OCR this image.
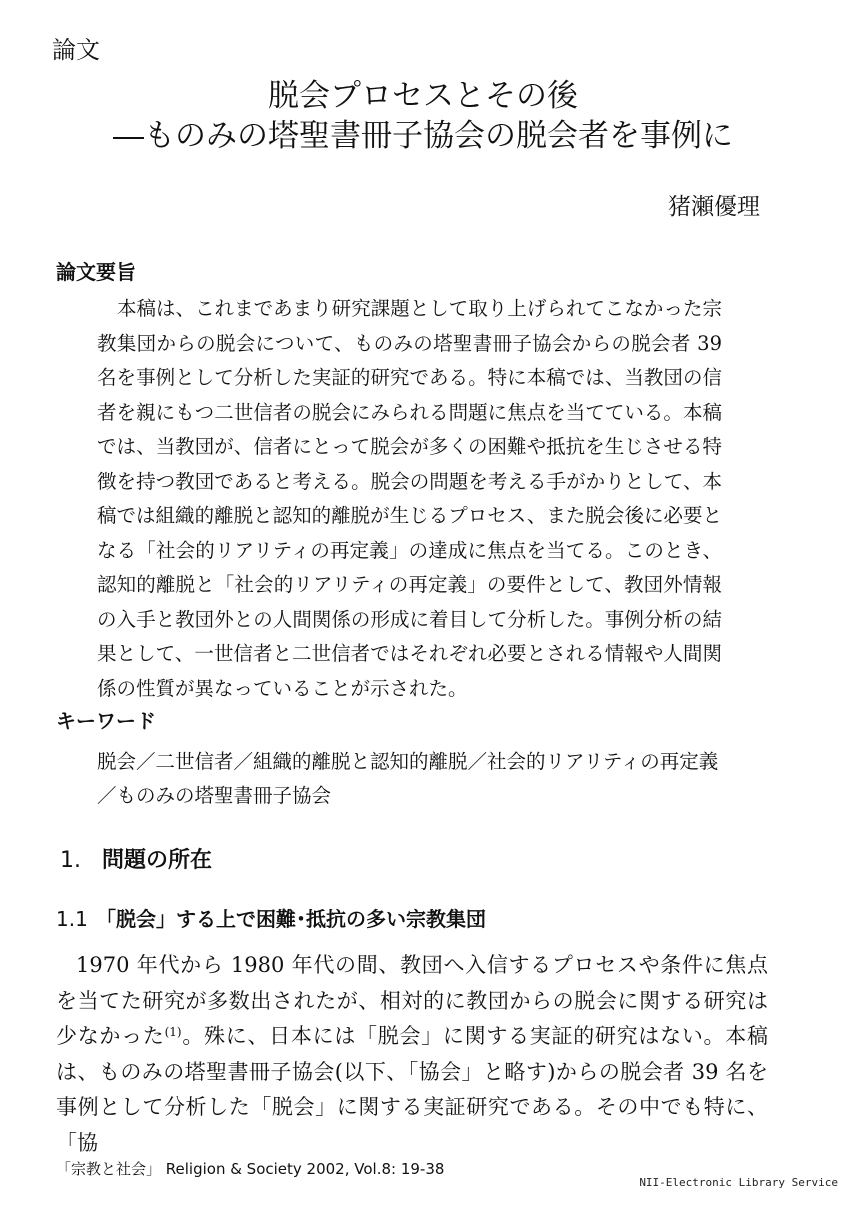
論文
脱会プロセスとその後
―ものみの塔聖書冊子協会の脱会者を事例に
猪瀬優理
論文要旨

本稿は、これまであまり研究課題として取り上げられてこなかった宗教集団からの脱会について、ものみの塔聖書冊子協会からの脱会者 39 名を事例として分析した実証的研究である。特に本稿では、当教団の信者を親にもつ二世信者の脱会にみられる問題に焦点を当てている。本稿では、当教団が、信者にとって脱会が多くの困難や抵抗を生じさせる特徴を持つ教団であると考える。脱会の問題を考える手がかりとして、本稿では組織的離脱と認知的離脱が生じるプロセス、また脱会後に必要となる「社会的リアリティの再定義」の達成に焦点を当てる。このとき、認知的離脱と「社会的リアリティの再定義」の要件として、教団外情報の入手と教団外との人間関係の形成に着目して分析した。事例分析の結果として、一世信者と二世信者ではそれぞれ必要とされる情報や人間関係の性質が異なっていることが示された。

キーワード

脱会／二世信者／組織的離脱と認知的離脱／社会的リアリティの再定義／ものみの塔聖書冊子協会

1. 問題の所在
1.1 「脱会」する上で困難･抵抗の多い宗教集団

1970 年代から 1980 年代の間、教団へ入信するプロセスや条件に焦点を当てた研究が多数出されたが、相対的に教団からの脱会に関する研究は少なかった$^{(1)}$。殊に、日本には「脱会」に関する実証的研究はない。本稿は、ものみの塔聖書冊子協会(以下、「協会」と略す)からの脱会者 39 名を事例として分析した「脱会」に関する実証研究である。その中でも特に、「協

「宗教と社会」 Religion & Society 2002, Vol.8: 19-38
NII-Electronic Library Service
